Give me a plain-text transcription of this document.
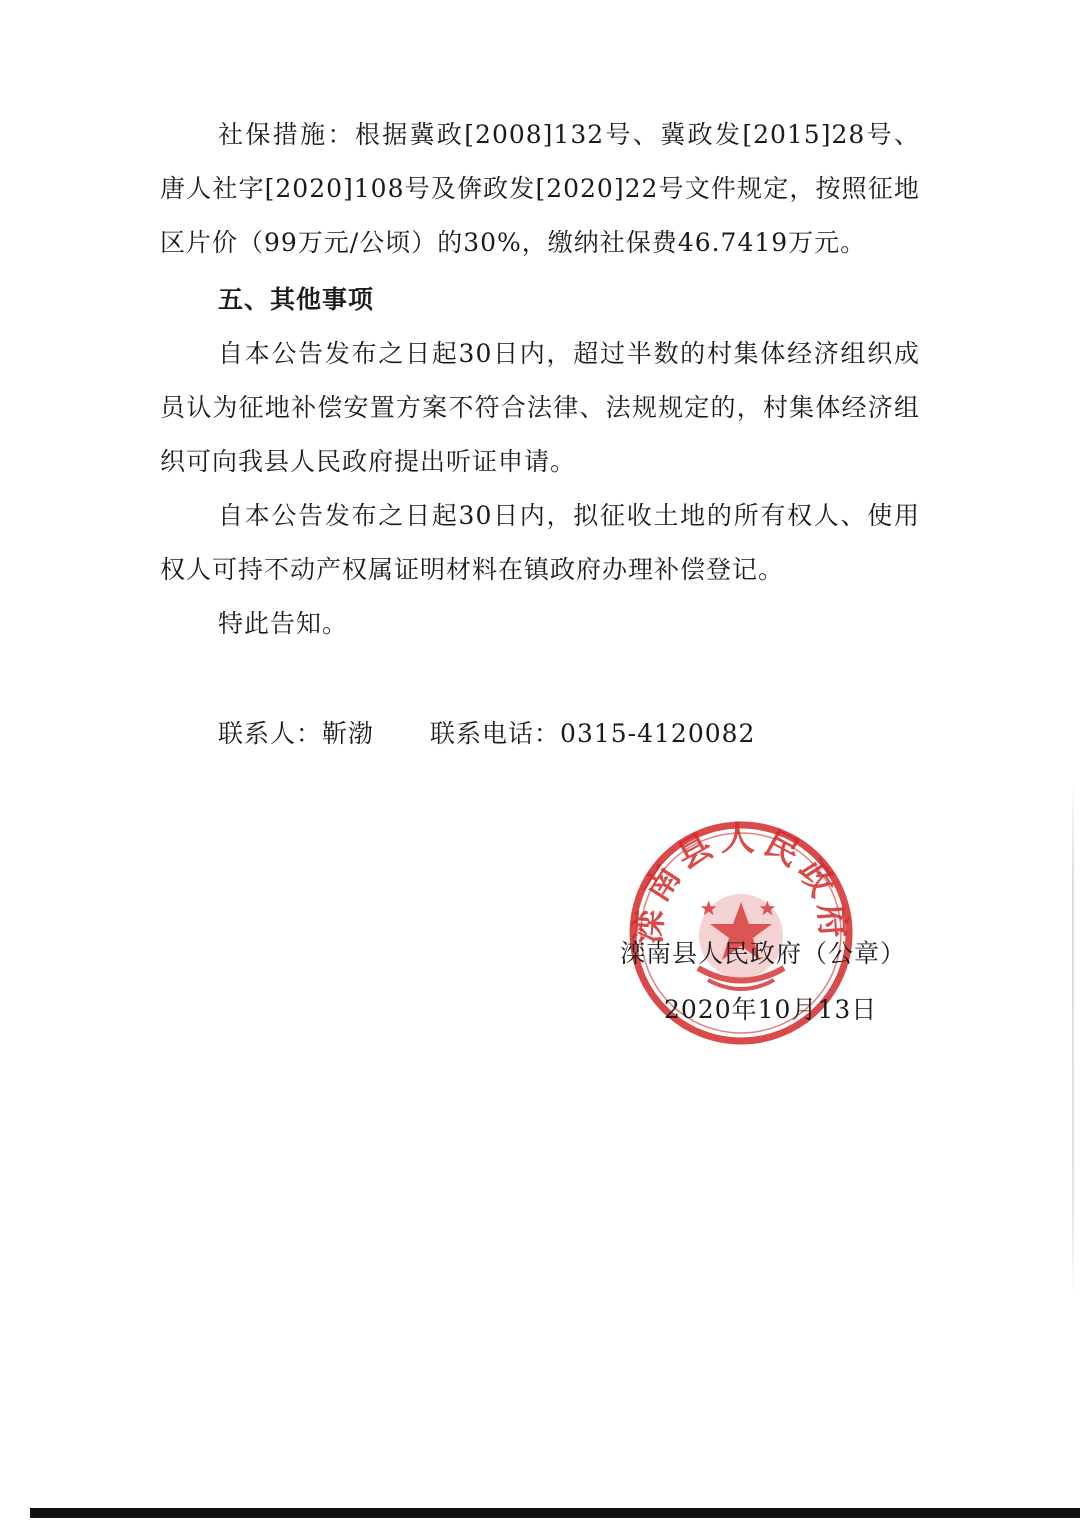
社保措施：根据冀政[2008]132号、冀政发[2015]28号、唐人社字[2020]108号及倴政发[2020]22号文件规定，按照征地区片价（99万元/公顷）的30%，缴纳社保费46.7419万元。

五、其他事项

自本公告发布之日起30日内，超过半数的村集体经济组织成员认为征地补偿安置方案不符合法律、法规规定的，村集体经济组织可向我县人民政府提出听证申请。

自本公告发布之日起30日内，拟征收土地的所有权人、使用权人可持不动产权属证明材料在镇政府办理补偿登记。

特此告知。

联系人：靳渤 联系电话：0315-4120082
滦南县人民政府
滦南县人民政府（公章）
2020年10月13日
